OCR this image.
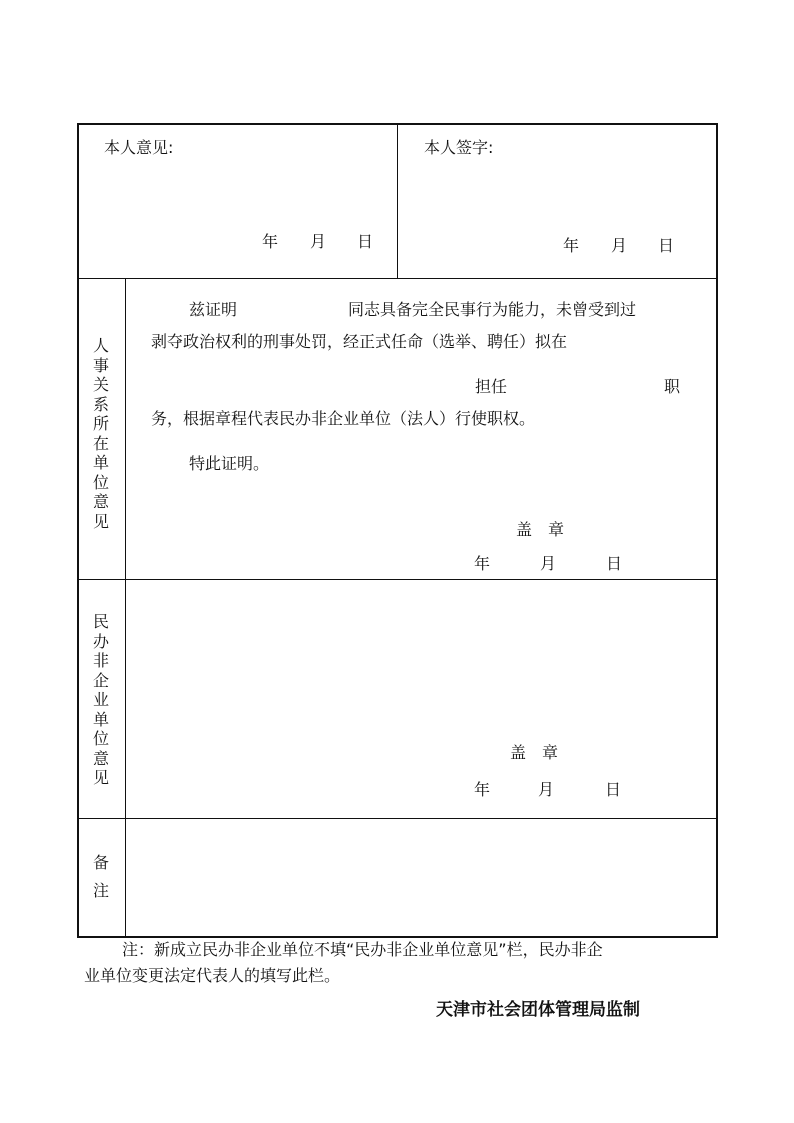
本人意见:	本人签字:
年 月 日	年 月 日
人
事
关
系
所
在
单
位
意
见
兹证明	同志具备完全民事行为能力，未曾受到过
剥夺政治权利的刑事处罚，经正式任命（选举、聘任）拟在
担任	职
务，根据章程代表民办非企业单位（法人）行使职权。
特此证明。
盖　章
年	月	日
民
办
非
企
业
单
位
意
见
盖　章
年	月	日
备
注
注：新成立民办非企业单位不填“民办非企业单位意见”栏，民办非企
业单位变更法定代表人的填写此栏。
天津市社会团体管理局监制
